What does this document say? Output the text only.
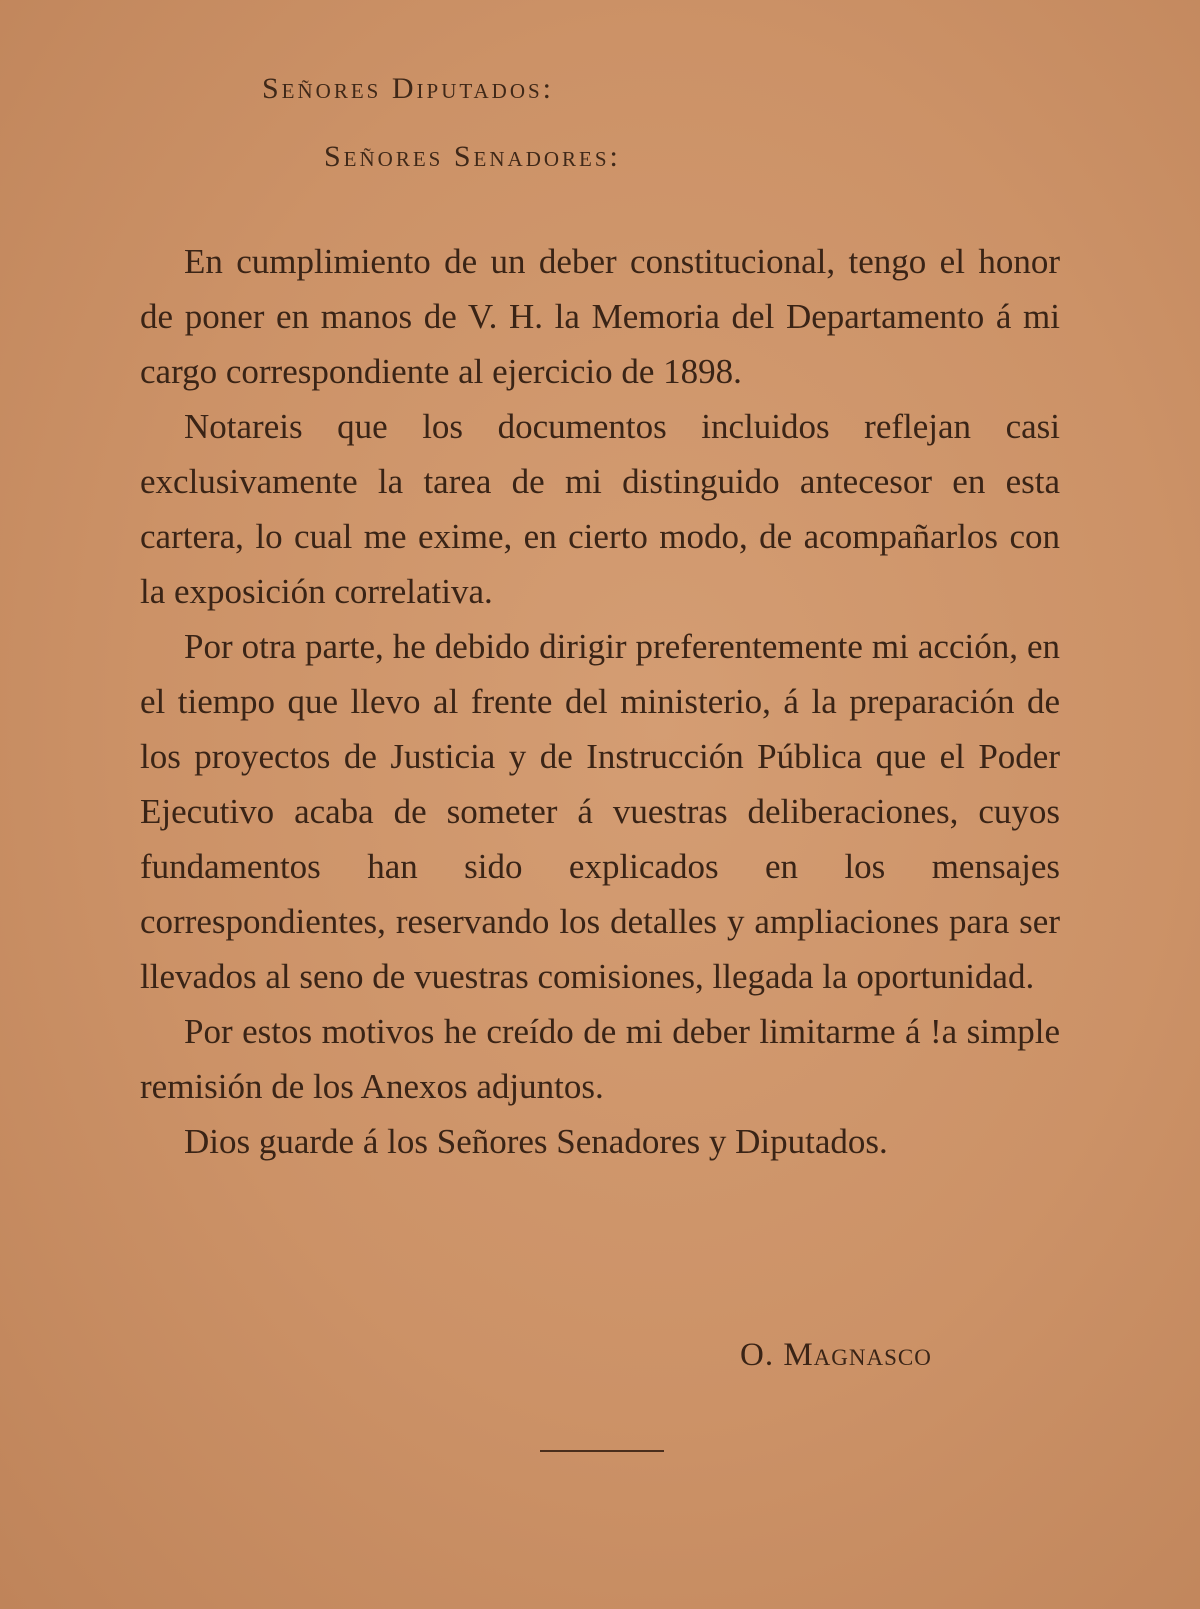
Señores Diputados:
Señores Senadores:

En cumplimiento de un deber constitucional, tengo el honor de poner en manos de V. H. la Memoria del Departamento á mi cargo correspondiente al ejercicio de 1898.

Notareis que los documentos incluidos reflejan casi exclusivamente la tarea de mi distinguido antecesor en esta cartera, lo cual me exime, en cierto modo, de acompañarlos con la exposición correlativa.

Por otra parte, he debido dirigir preferentemente mi acción, en el tiempo que llevo al frente del ministerio, á la preparación de los proyectos de Justicia y de Instrucción Pública que el Poder Ejecutivo acaba de someter á vuestras deliberaciones, cuyos fundamentos han sido explicados en los mensajes correspondientes, reservando los detalles y ampliaciones para ser llevados al seno de vuestras comisiones, llegada la oportunidad.

Por estos motivos he creído de mi deber limitarme á !a simple remisión de los Anexos adjuntos.

Dios guarde á los Señores Senadores y Diputados.

O. Magnasco
